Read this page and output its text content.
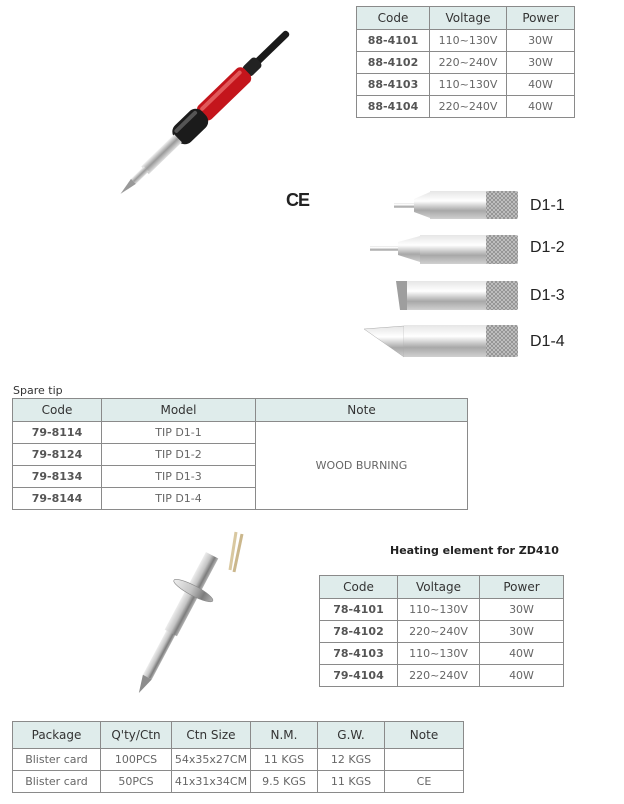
Code	Voltage	Power
88-4101	110~130V	30W
88-4102	220~240V	30W
88-4103	110~130V	40W
88-4104	220~240V	40W
CE	D1-1
D1-2
D1-3
D1-4
Spare tip
Code	Model	Note
79-8114	TIP D1-1	WOOD BURNING
79-8124	TIP D1-2	
79-8134	TIP D1-3	
79-8144	TIP D1-4	
Heating element for ZD410
Code	Voltage	Power
78-4101	110~130V	30W
78-4102	220~240V	30W
78-4103	110~130V	40W
79-4104	220~240V	40W
Package	Q'ty/Ctn	Ctn Size	N.M.	G.W.	Note
Blister card	100PCS	54x35x27CM	11 KGS	12 KGS	
Blister card	50PCS	41x31x34CM	9.5 KGS	11 KGS	CE
